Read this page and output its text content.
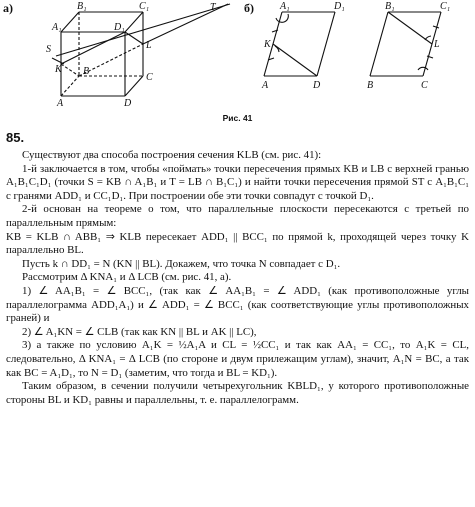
B₁	C₁	T
A₁	D₁
S	L
K B
C
A	D
A₁	D₁	B₁	C₁
K	L
A	D	B	C
а)	б)
Рис. 41
85.

Существуют два способа построения сечения KLB (см. рис. 41):

1-й заключается в том, чтобы «поймать» точки пересечения прямых KB и LB с верхней гранью A₁B₁C₁D₁ (точки S = KB ∩ A₁B₁ и T = LB ∩ B₁C₁) и найти точки пересечения прямой ST с A₁B₁C₁ с гранями ADD₁ и CC₁D₁. При построении обе эти точки совпадут с точкой D₁.

2-й основан на теореме о том, что параллельные плоскости пересекаются с третьей по параллельным прямым:

KB = KLB ∩ ABB₁ ⇒ KLB пересекает ADD₁ || BCC₁ по прямой k, проходящей через точку K параллельно BL.

Пусть k ∩ DD₁ = N (KN || BL). Докажем, что точка N совпадает с D₁.

Рассмотрим Δ KNA₁ и Δ LCB (см. рис. 41, а).

1) ∠ AA₁B₁ = ∠ BCC₁, (так как ∠ AA₁B₁ = ∠ ADD₁ (как противоположные углы параллелограмма ADD₁A₁) и ∠ ADD₁ = ∠ BCC₁ (как соответствующие углы противоположных граней) и

2) ∠ A₁KN = ∠ CLB (так как KN || BL и AK || LC),

3) а также по условию A₁K = ½A₁A и CL = ½CC₁ и так как AA₁ = CC₁, то A₁K = CL, следовательно, Δ KNA₁ = Δ LCB (по стороне и двум прилежащим углам), значит, A₁N = BC, а так как BC = A₁D₁, то N = D₁ (заметим, что тогда и BL = KD₁).

Таким образом, в сечении получили четырехугольник KBLD₁, у которого противоположные стороны BL и KD₁ равны и параллельны, т. е. параллелограмм.
